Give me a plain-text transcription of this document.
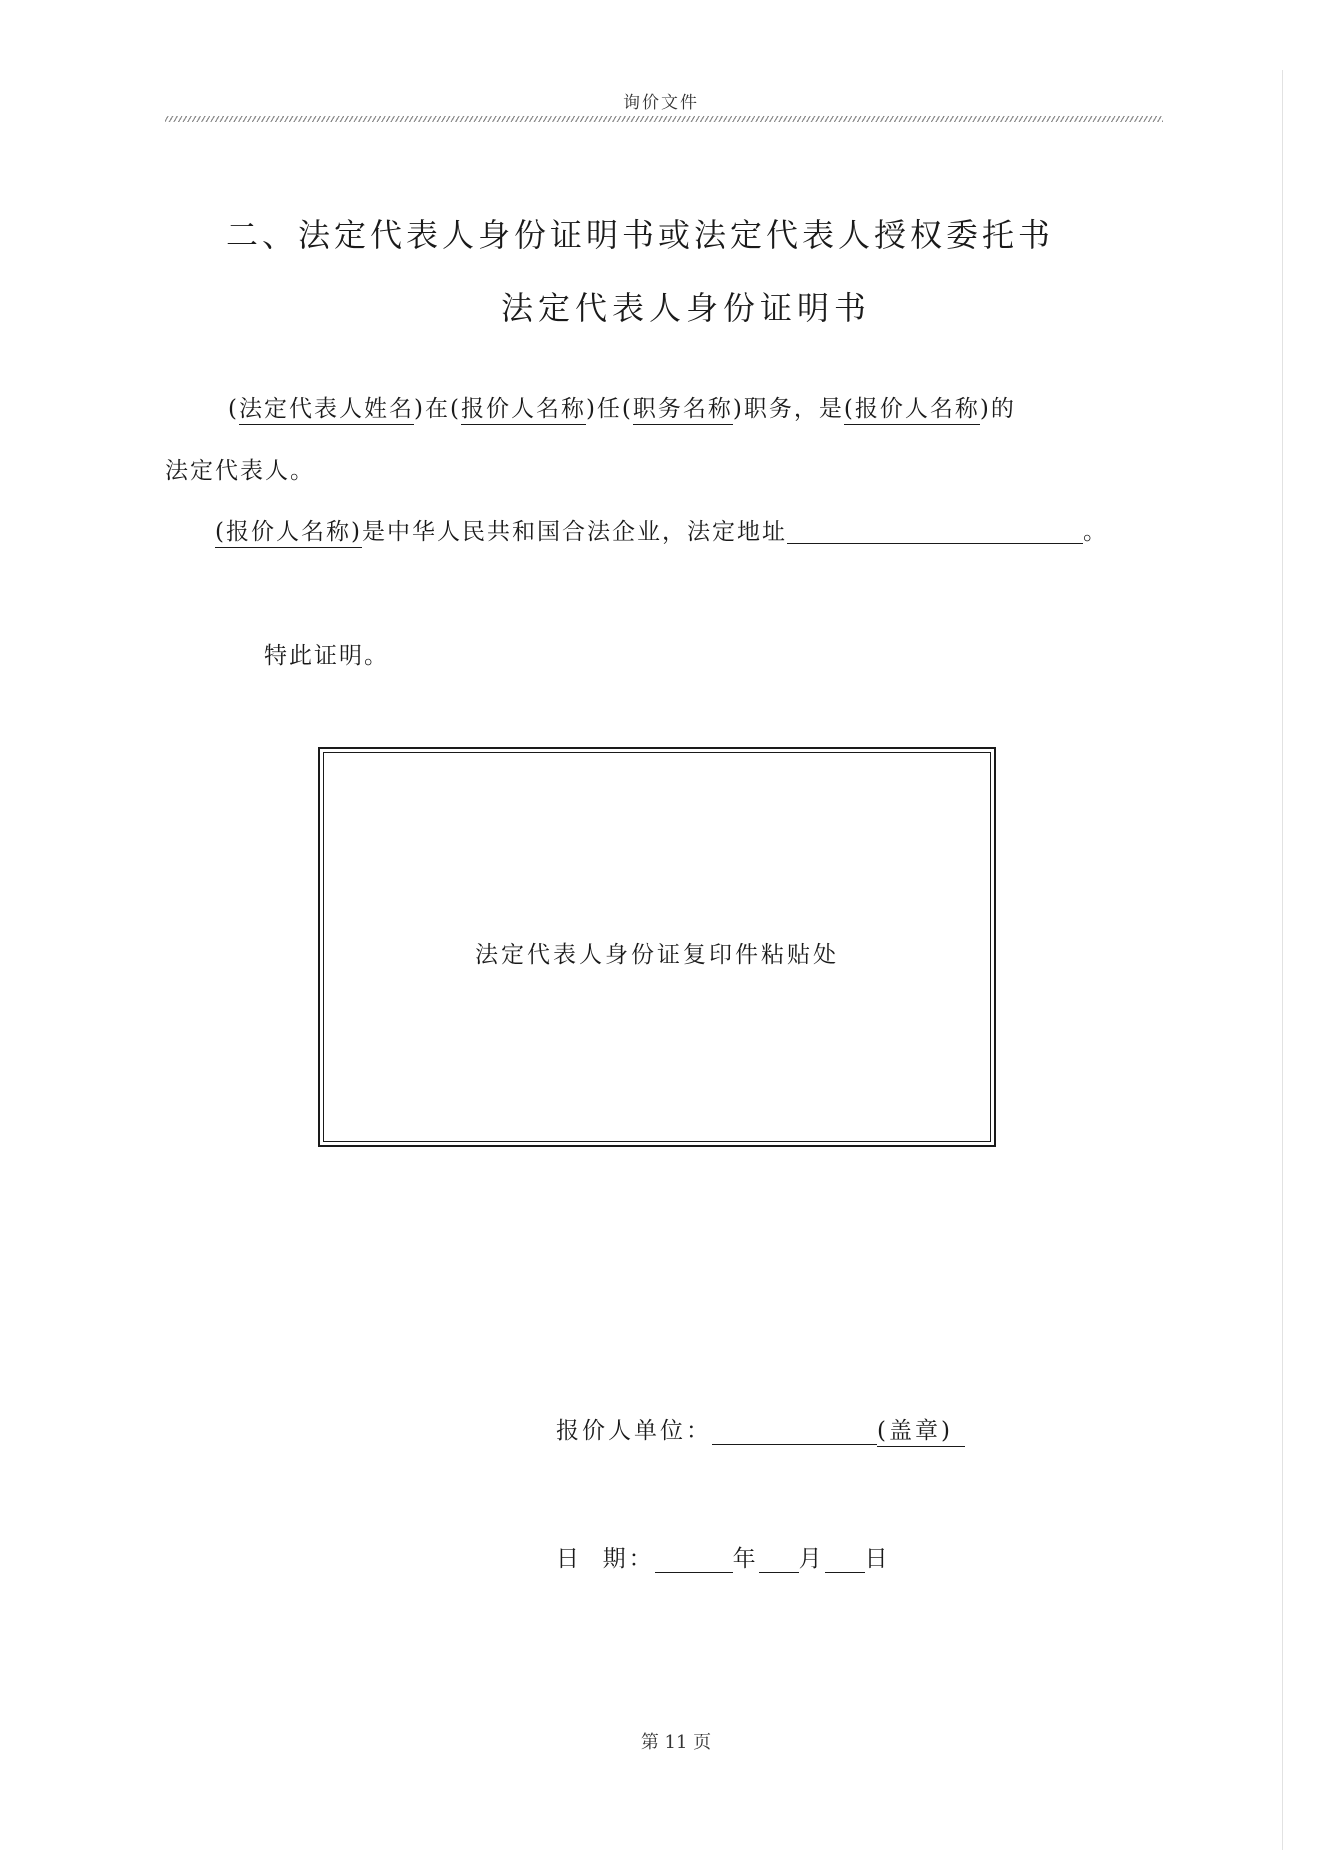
询价文件
二、法定代表人身份证明书或法定代表人授权委托书
法定代表人身份证明书
(法定代表人姓名)在(报价人名称)任(职务名称)职务，是(报价人名称)的
法定代表人。
(报价人名称)是中华人民共和国合法企业，法定地址	。
特此证明。
法定代表人身份证复印件粘贴处
报价人单位：	(盖章)
日  期：	年 月 日
第 11 页
